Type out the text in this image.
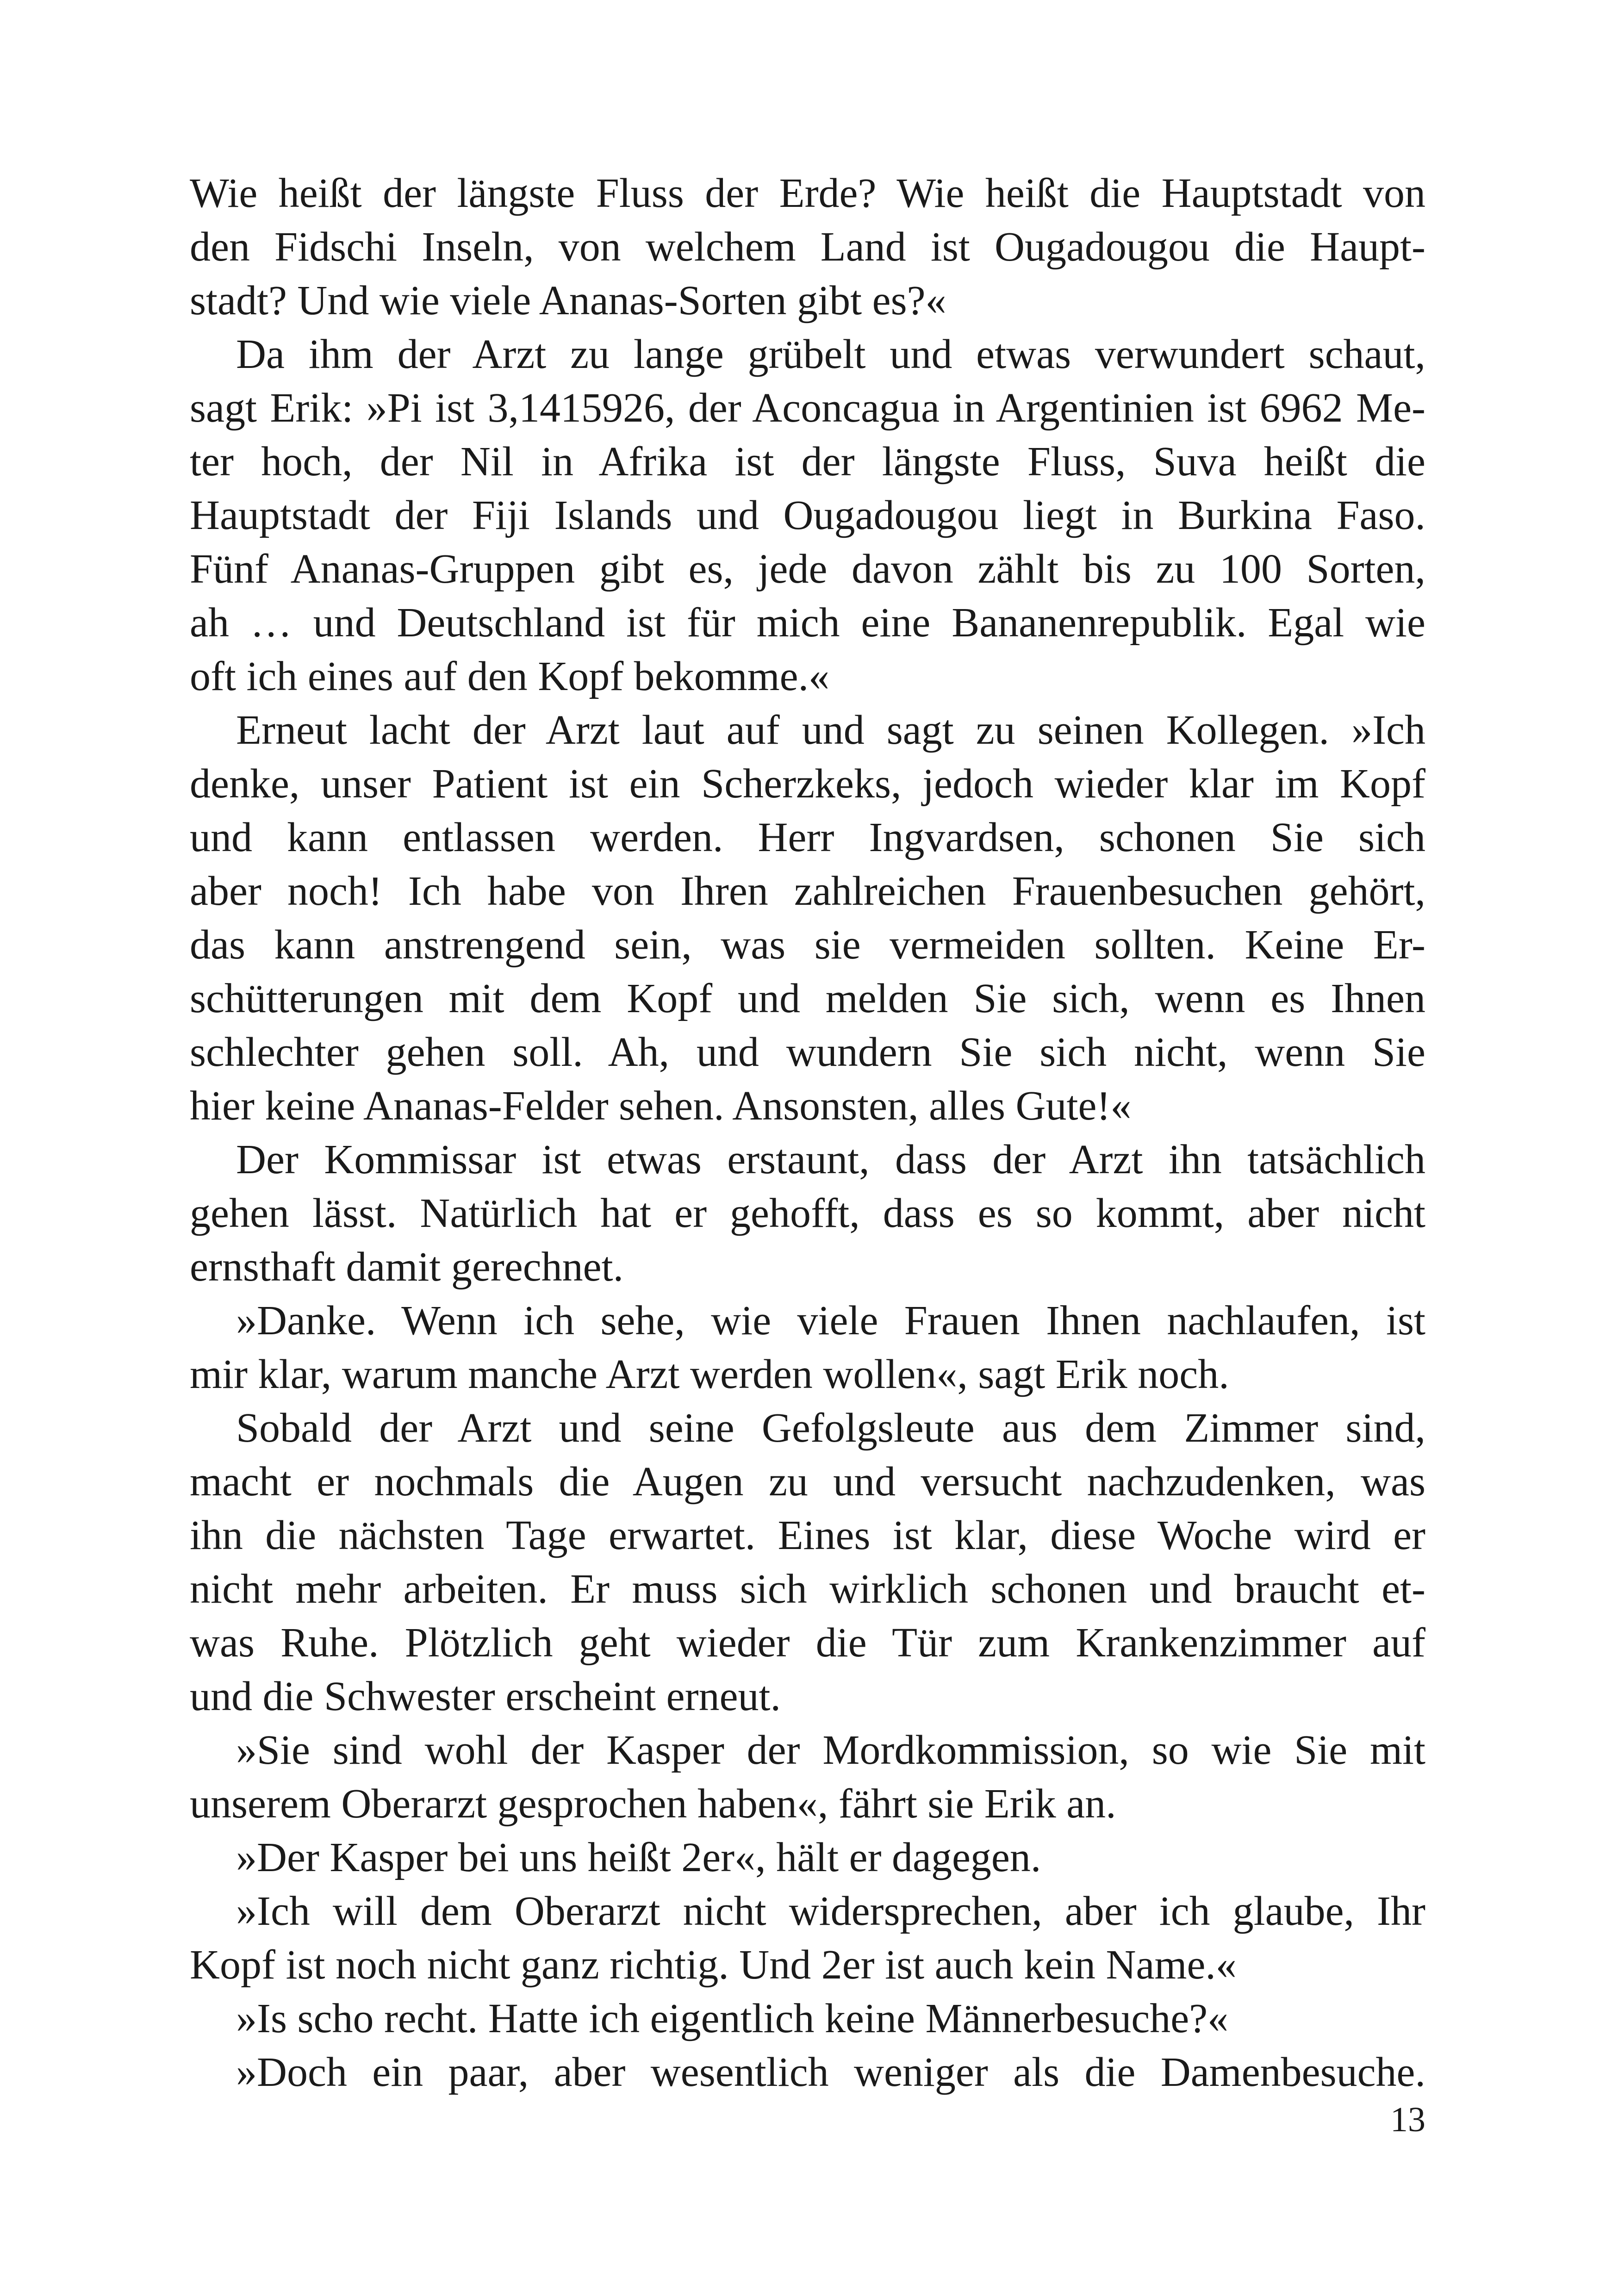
Wie heißt der längste Fluss der Erde? Wie heißt die Hauptstadt von
den Fidschi Inseln, von welchem Land ist Ougadougou die Haupt-
stadt? Und wie viele Ananas-Sorten gibt es?«
Da ihm der Arzt zu lange grübelt und etwas verwundert schaut,
sagt Erik: »Pi ist 3,1415926, der Aconcagua in Argentinien ist 6962 Me-
ter hoch, der Nil in Afrika ist der längste Fluss, Suva heißt die
Hauptstadt der Fiji Islands und Ougadougou liegt in Burkina Faso.
Fünf Ananas-Gruppen gibt es, jede davon zählt bis zu 100 Sorten,
ah … und Deutschland ist für mich eine Bananenrepublik. Egal wie
oft ich eines auf den Kopf bekomme.«
Erneut lacht der Arzt laut auf und sagt zu seinen Kollegen. »Ich
denke, unser Patient ist ein Scherzkeks, jedoch wieder klar im Kopf
und kann entlassen werden. Herr Ingvardsen, schonen Sie sich
aber noch! Ich habe von Ihren zahlreichen Frauenbesuchen gehört,
das kann anstrengend sein, was sie vermeiden sollten. Keine Er-
schütterungen mit dem Kopf und melden Sie sich, wenn es Ihnen
schlechter gehen soll. Ah, und wundern Sie sich nicht, wenn Sie
hier keine Ananas-Felder sehen. Ansonsten, alles Gute!«
Der Kommissar ist etwas erstaunt, dass der Arzt ihn tatsächlich
gehen lässt. Natürlich hat er gehofft, dass es so kommt, aber nicht
ernsthaft damit gerechnet.
»Danke. Wenn ich sehe, wie viele Frauen Ihnen nachlaufen, ist
mir klar, warum manche Arzt werden wollen«, sagt Erik noch.
Sobald der Arzt und seine Gefolgsleute aus dem Zimmer sind,
macht er nochmals die Augen zu und versucht nachzudenken, was
ihn die nächsten Tage erwartet. Eines ist klar, diese Woche wird er
nicht mehr arbeiten. Er muss sich wirklich schonen und braucht et-
was Ruhe. Plötzlich geht wieder die Tür zum Krankenzimmer auf
und die Schwester erscheint erneut.
»Sie sind wohl der Kasper der Mordkommission, so wie Sie mit
unserem Oberarzt gesprochen haben«, fährt sie Erik an.
»Der Kasper bei uns heißt 2er«, hält er dagegen.
»Ich will dem Oberarzt nicht widersprechen, aber ich glaube, Ihr
Kopf ist noch nicht ganz richtig. Und 2er ist auch kein Name.«
»Is scho recht. Hatte ich eigentlich keine Männerbesuche?«
»Doch ein paar, aber wesentlich weniger als die Damenbesuche.
13
